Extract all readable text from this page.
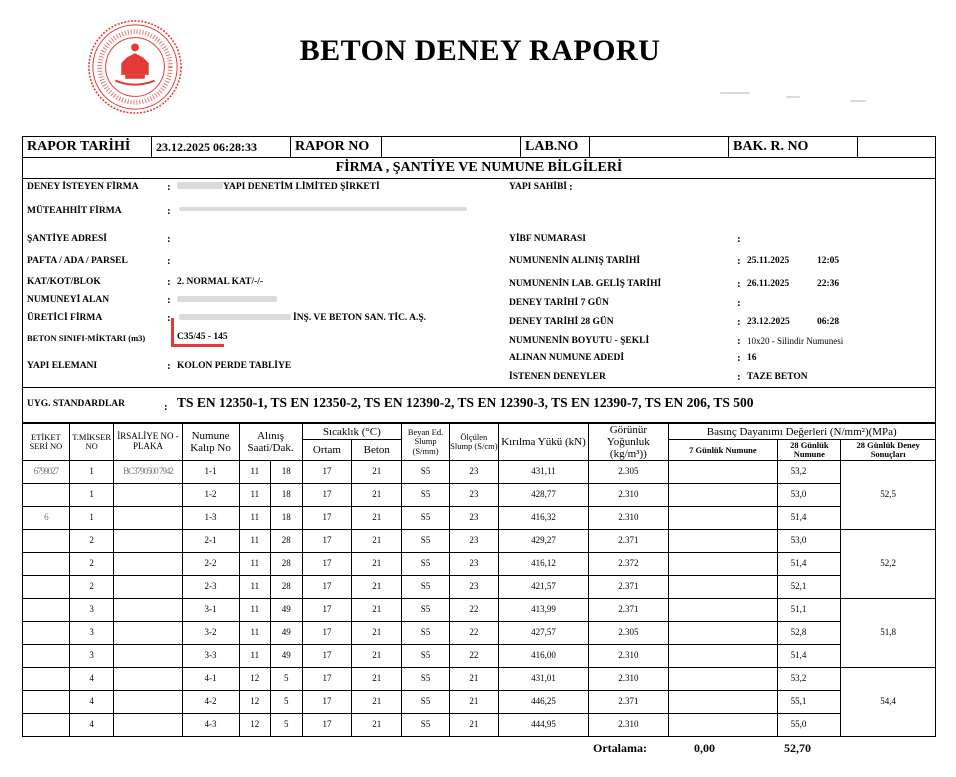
BETON DENEY RAPORU
RAPOR TARİHİ	23.12.2025 06:28:33	RAPOR NO		LAB.NO		BAK. R. NO	
FİRMA , ŞANTİYE VE NUMUNE BİLGİLERİ
DENEY İSTEYEN FİRMA	:	YAPI DENETİM LİMİTED ŞİRKETİ	YAPI SAHİBİ :
MÜTEAHHİT FİRMA	:
ŞANTİYE ADRESİ	:	YİBF NUMARASI	:
PAFTA / ADA / PARSEL	:	NUMUNENİN ALINIŞ TARİHİ	: 25.11.2025	12:05
KAT/KOT/BLOK	: 2. NORMAL KAT/-/-	NUMUNENİN LAB. GELİŞ TARİHİ	: 26.11.2025	22:36
NUMUNEYİ ALAN	:	DENEY TARİHİ 7 GÜN	:
ÜRETİCİ FİRMA	:	İNŞ. VE BETON SAN. TİC. A.Ş.	DENEY TARİHİ 28 GÜN	: 23.12.2025	06:28
BETON SINIFI-MİKTARI (m3)	C35/45 - 145	NUMUNENİN BOYUTU - ŞEKLİ	: 10x20 - Silindir Numunesi
ALINAN NUMUNE ADEDİ	: 16
YAPI ELEMANI	: KOLON PERDE TABLİYE
İSTENEN DENEYLER	: TAZE BETON
UYG. STANDARDLAR	: TS EN 12350-1, TS EN 12350-2, TS EN 12390-2, TS EN 12390-3, TS EN 12390-7, TS EN 206, TS 500
ETİKET SERİ NO	T.MİKSER NO	İRSALİYE NO - PLAKA	Numune Kalıp No	Alınış Saati/Dak.		Sıcaklık (°C)		Beyan Ed. Slump (S/mm)	Ölçülen Slump (S/cm)	Kırılma Yükü (kN)	Görünür Yoğunluk (kg/m³))	Basınç Dayanımı Değerleri (N/mm²)(MPa)		
						Ortam	Beton					7 Günlük Numune	28 Günlük Numune	28 Günlük Deney Sonuçları
6799027	1	BC3790500 7942	1-1	11	18	17	21	S5	23	431,11	2.305		53,2	52,5
	1		1-2	11	18	17	21	S5	23	428,77	2.310		53,0	
6	1		1-3	11	18	17	21	S5	23	416,32	2.310		51,4	
	2		2-1	11	28	17	21	S5	23	429,27	2.371		53,0	52,2
	2		2-2	11	28	17	21	S5	23	416,12	2.372		51,4	
	2		2-3	11	28	17	21	S5	23	421,57	2.371		52,1	
	3		3-1	11	49	17	21	S5	22	413,99	2.371		51,1	51,8
	3		3-2	11	49	17	21	S5	22	427,57	2.305		52,8	
	3		3-3	11	49	17	21	S5	22	416,00	2.310		51,4	
	4		4-1	12	5	17	21	S5	21	431,01	2.310		53,2	54,4
	4		4-2	12	5	17	21	S5	21	446,25	2.371		55,1	
	4		4-3	12	5	17	21	S5	21	444,95	2.310		55,0	
Ortalama:	0,00	52,70
